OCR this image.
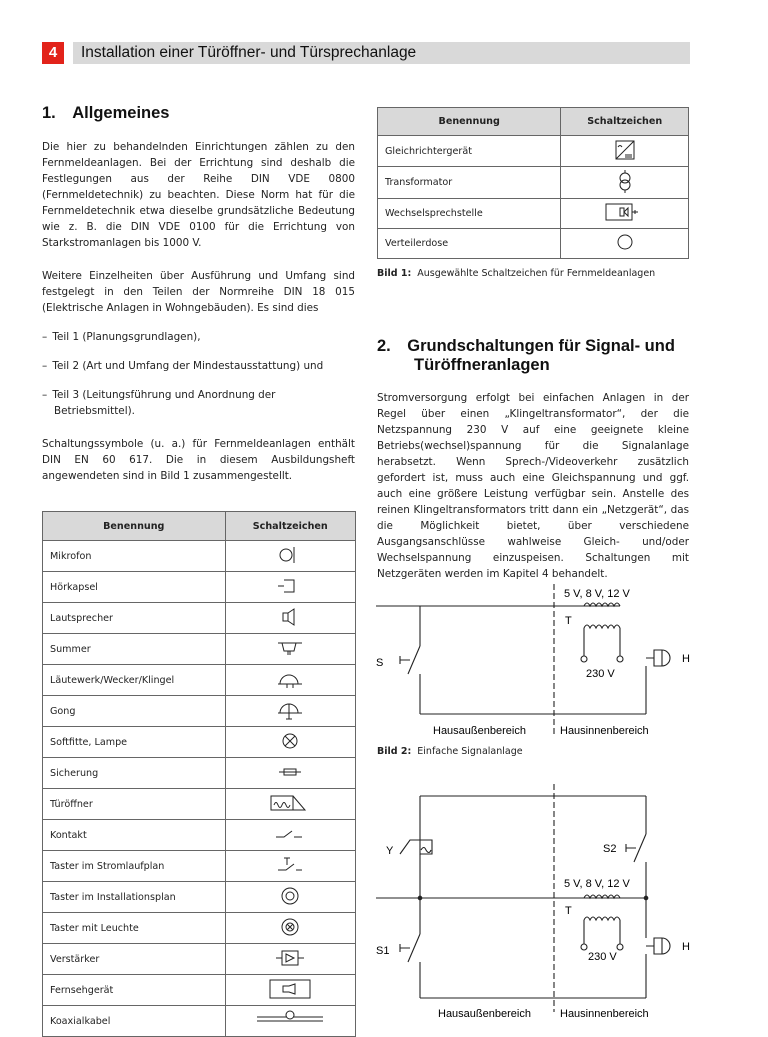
4	Installation einer Türöffner- und Türsprechanlage
1.  Allgemeines
Die hier zu behandelnden Einrichtungen zählen zu den Fernmeldeanlagen. Bei der Errichtung sind deshalb die Festlegungen aus der Reihe DIN VDE 0800 (Fernmeldetechnik) zu beachten. Diese Norm hat für die Fernmeldetechnik etwa dieselbe grundsätzliche Bedeutung wie z. B. die DIN VDE 0100 für die Errichtung von Starkstromanlagen bis 1000 V.
Weitere Einzelheiten über Ausführung und Umfang sind festgelegt in den Teilen der Normreihe DIN 18 015 (Elektrische Anlagen in Wohngebäuden). Es sind dies
– Teil 1 (Planungsgrundlagen),
– Teil 2 (Art und Umfang der Mindestausstattung) und
– Teil 3 (Leitungsführung und Anordnung der Betriebsmittel).
Schaltungssymbole (u. a.) für Fernmeldeanlagen enthält DIN EN 60 617. Die in diesem Ausbildungsheft angewendeten sind in Bild 1 zusammengestellt.
Benennung	Schaltzeichen
Mikrofon	
Hörkapsel	
Lautsprecher	
Summer	
Läutewerk/Wecker/Klingel	
Gong	
Softfitte, Lampe	
Sicherung	
Türöffner	
Kontakt	
Taster im Stromlaufplan	
Taster im Installationsplan	
Taster mit Leuchte	
Verstärker	
Fernsehgerät	
Koaxialkabel	
Benennung	Schaltzeichen
Gleichrichtergerät	
Transformator	
Wechselsprechstelle	
Verteilerdose	
Bild 1: Ausgewählte Schaltzeichen für Fernmeldeanlagen
2.  Grundschaltungen für Signal- und
Türöffneranlagen
Stromversorgung erfolgt bei einfachen Anlagen in der Regel über einen „Klingeltransformator“, der die Netzspannung 230 V auf eine geeignete kleine Betriebs(wechsel)spannung für die Signalanlage herabsetzt. Wenn Sprech-/Videoverkehr zusätzlich gefordert ist, muss auch eine Gleichspannung und ggf. auch eine größere Leistung verfügbar sein. Anstelle des reinen Klingeltransformators tritt dann ein „Netzgerät“, das die Möglichkeit bietet, über verschiedene Ausgangsanschlüsse wahlweise Gleich- und/oder Wechselspannung einzuspeisen. Schaltungen mit Netzgeräten werden im Kapitel 4 behandelt.
5 V, 8 V, 12 V
T
230 V
S	H
Hausaußenbereich	Hausinnenbereich
Bild 2: Einfache Signalanlage
Y	S2
5 V, 8 V, 12 V
T
230 V
S1	H
Hausaußenbereich	Hausinnenbereich
